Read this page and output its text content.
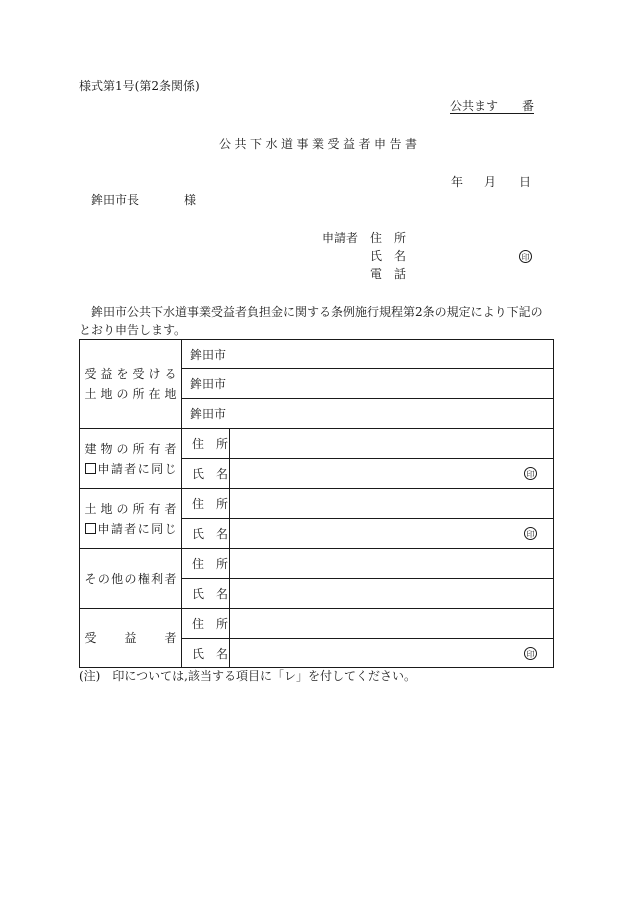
様式第1号(第2条関係)
公共ます　　番
公共下水道事業受益者申告書
年 月 日
鉾田市長	様
申請者 住　所
氏　名	印
電　話
鉾田市公共下水道事業受益者負担金に関する条例施行規程第2条の規定により下記のとおり申告します。
受益を受ける
土地の所在地	鉾田市	
	鉾田市	
	鉾田市	

建物の所有者
申請者に同じ	住　所	
	氏　名	印

土地の所有者
申請者に同じ	住　所	
	氏　名	印

その他の権利者	住　所	
	氏　名	

受益者	住　所	
	氏　名	印
(注)　印については,該当する項目に「レ」を付してください。
